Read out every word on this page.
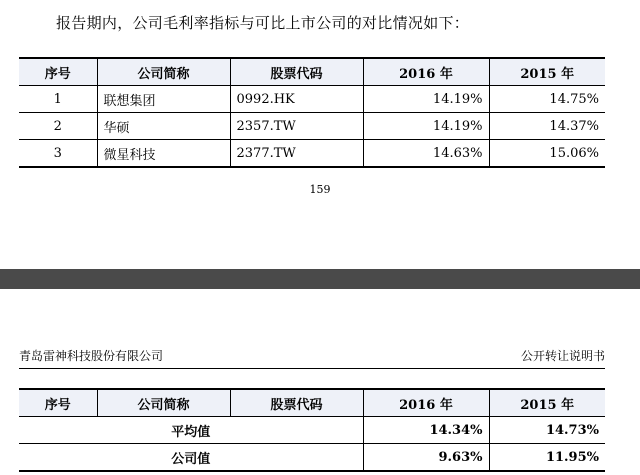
报告期内，公司毛利率指标与可比上市公司的对比情况如下：
序号	公司简称	股票代码	2016 年	2015 年
1	联想集团	0992.HK	14.19%	14.75%
2	华硕	2357.TW	14.19%	14.37%
3	微星科技	2377.TW	14.63%	15.06%
159
青岛雷神科技股份有限公司	公开转让说明书
序号	公司简称	股票代码	2016 年	2015 年
平均值			14.34%	14.73%
公司值			9.63%	11.95%
